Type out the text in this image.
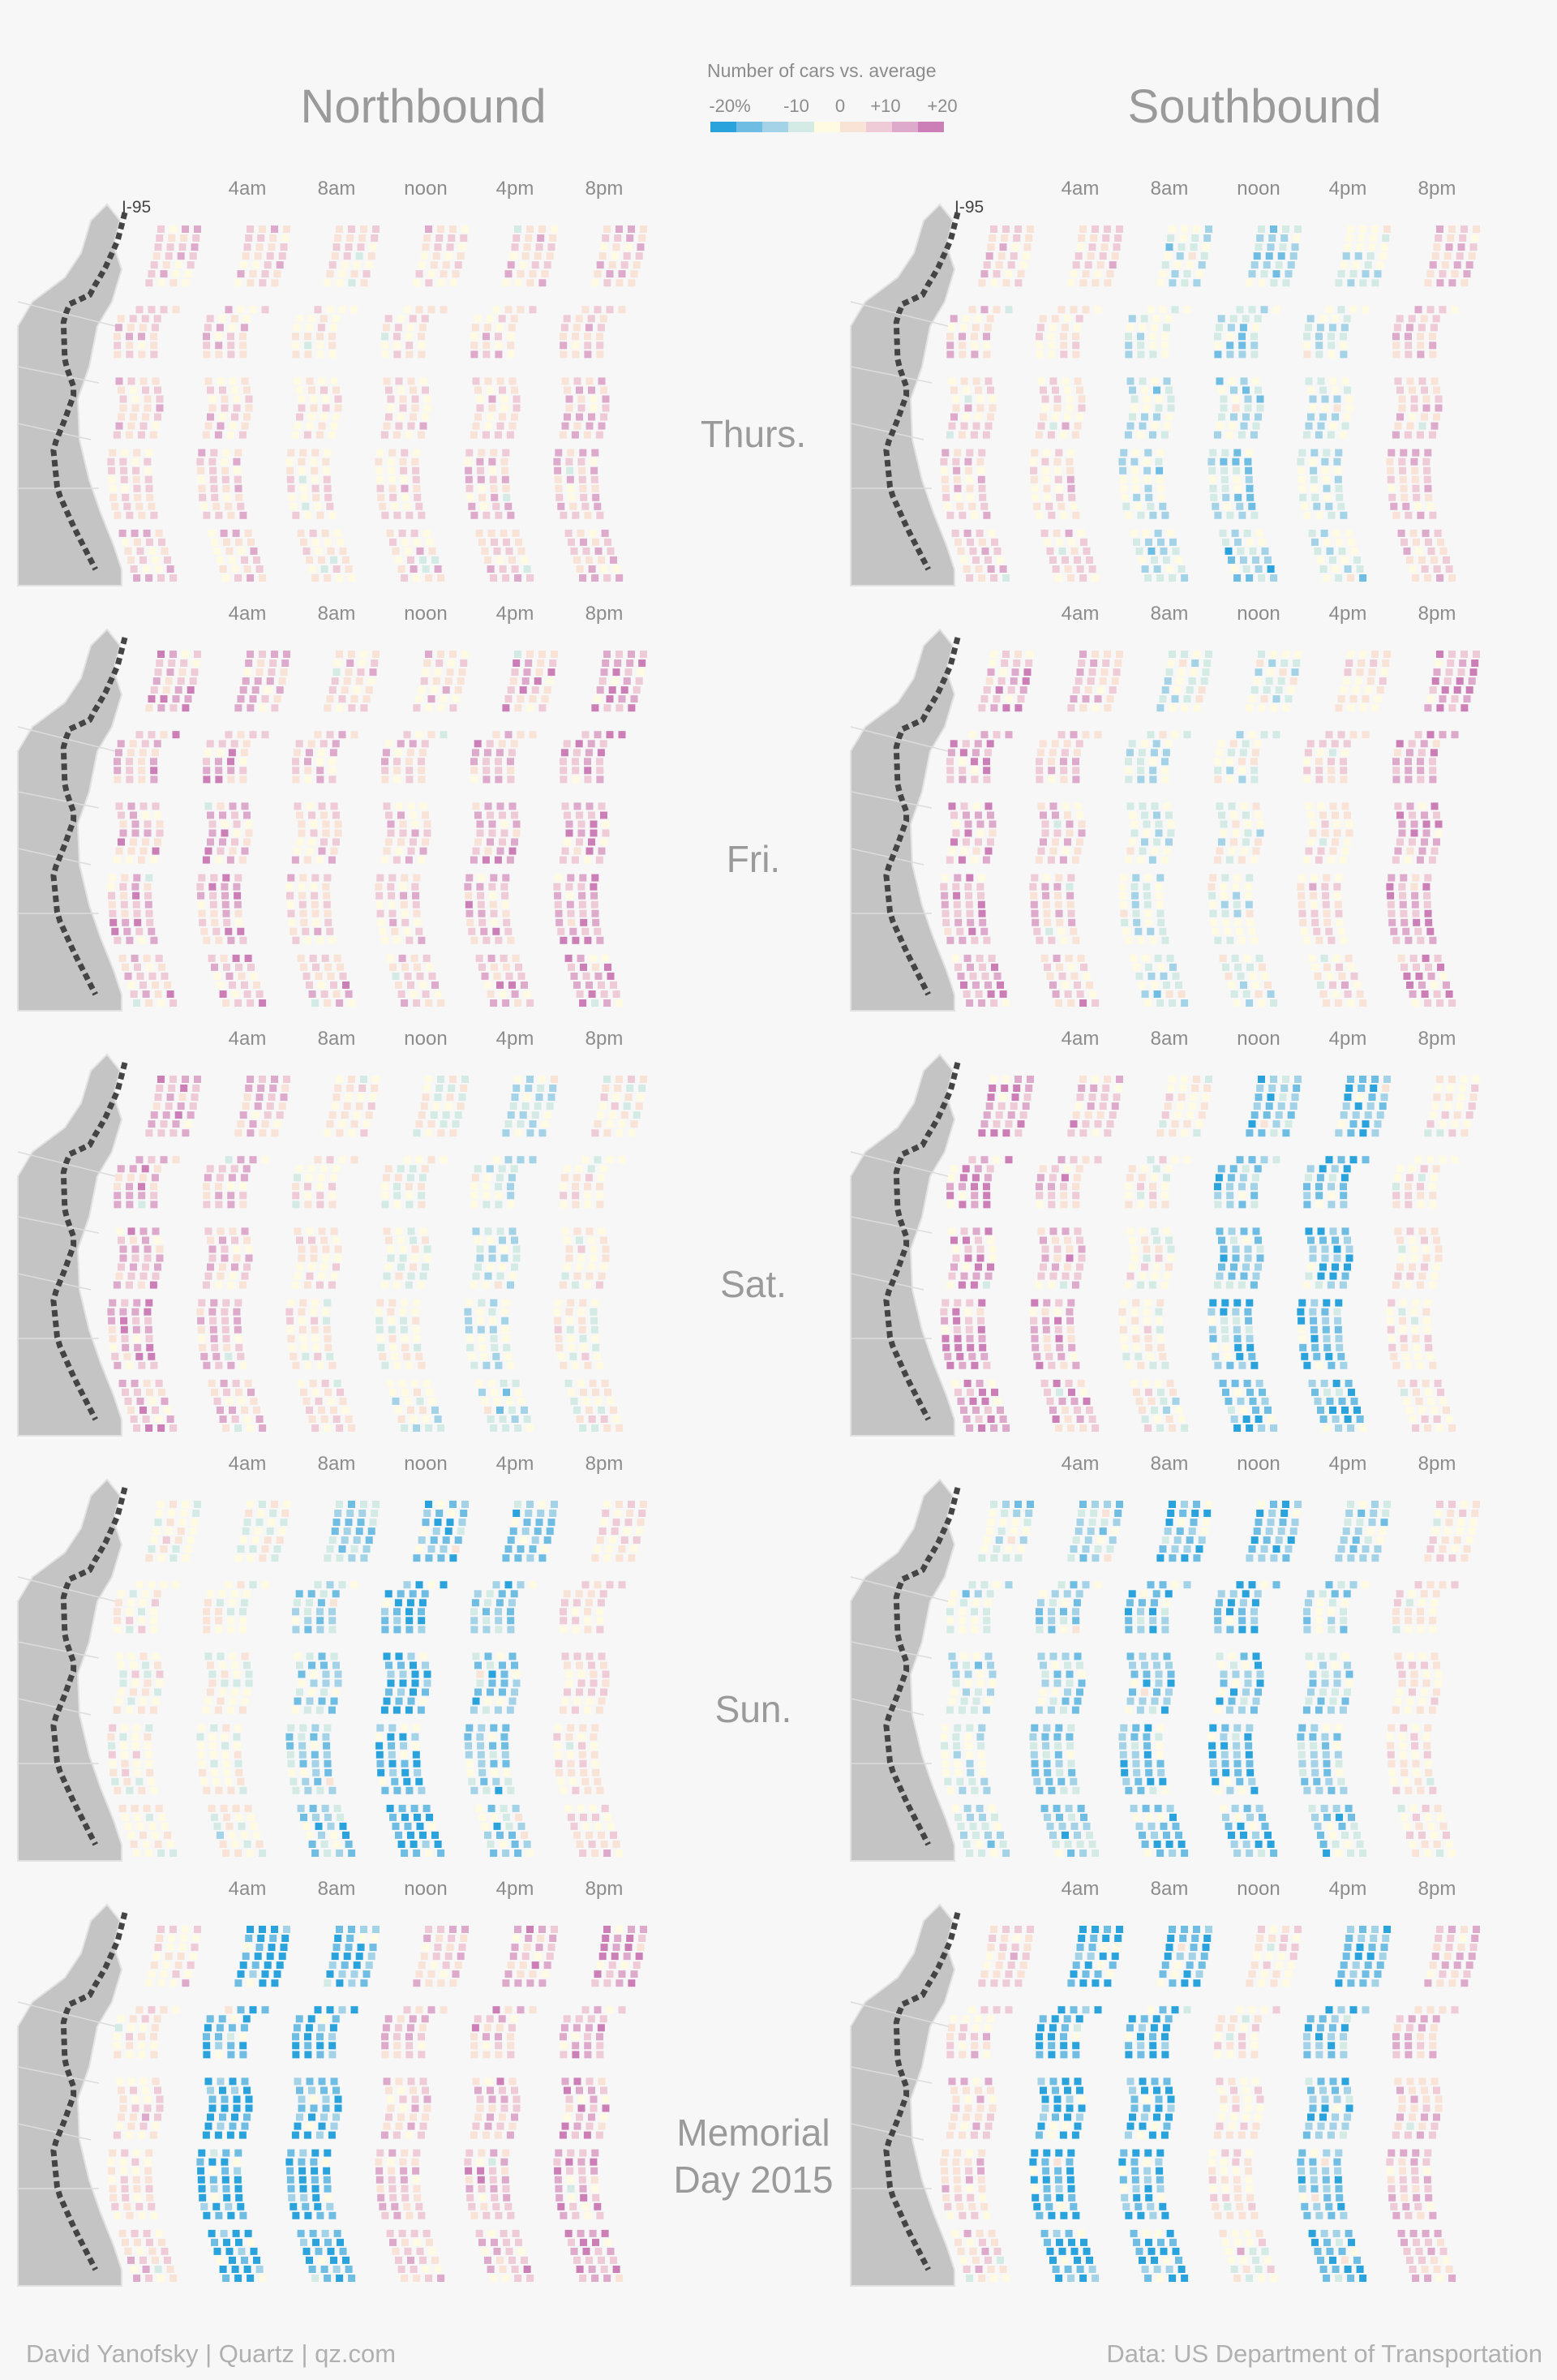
Northbound	Southbound
Number of cars vs. average
-20% -10 0 +10 +20
Thurs.
Fri.
Sat.
Sun.
Memorial
Day 2015
I-95
4am	8am noon 4pm	8pm
I-95
4am	8am noon 4pm	8pm
4am	8am noon 4pm	8pm	4am	8am noon 4pm	8pm
4am	8am noon 4pm	8pm	4am	8am noon 4pm	8pm
4am	8am noon 4pm	8pm	4am	8am noon 4pm	8pm
4am	8am noon 4pm	8pm	4am	8am noon 4pm	8pm
David Yanofsky | Quartz | qz.com	Data: US Department of Transportation
